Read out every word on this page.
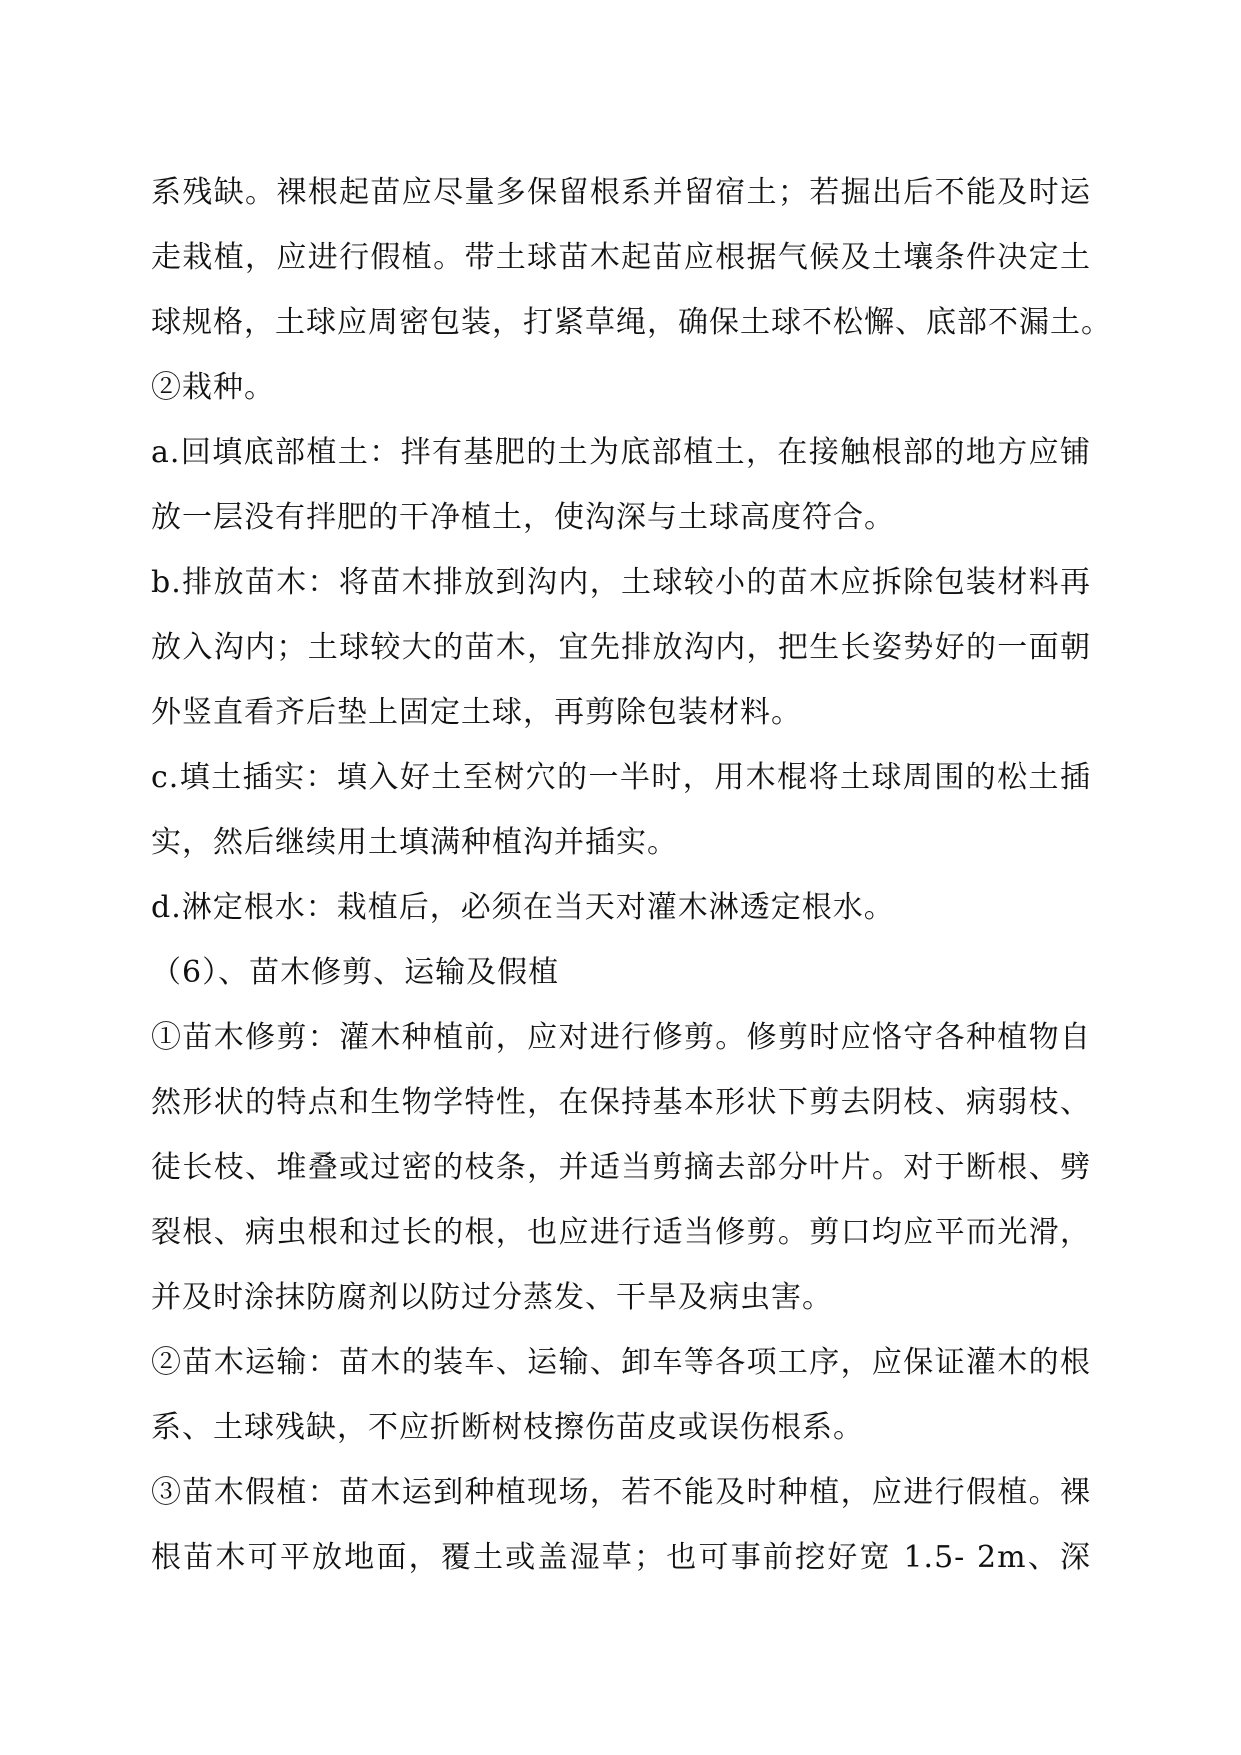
系残缺。裸根起苗应尽量多保留根系并留宿土；若掘出后不能及时运
走栽植，应进行假植。带土球苗木起苗应根据气候及土壤条件决定土
球规格，土球应周密包装，打紧草绳，确保土球不松懈、底部不漏土。
②栽种。
a.回填底部植土：拌有基肥的土为底部植土，在接触根部的地方应铺
放一层没有拌肥的干净植土，使沟深与土球高度符合。
b.排放苗木：将苗木排放到沟内，土球较小的苗木应拆除包装材料再
放入沟内；土球较大的苗木，宜先排放沟内，把生长姿势好的一面朝
外竖直看齐后垫上固定土球，再剪除包装材料。
c.填土插实：填入好土至树穴的一半时，用木棍将土球周围的松土插
实，然后继续用土填满种植沟并插实。
d.淋定根水：栽植后，必须在当天对灌木淋透定根水。
（6）、苗木修剪、运输及假植
①苗木修剪：灌木种植前，应对进行修剪。修剪时应恪守各种植物自
然形状的特点和生物学特性，在保持基本形状下剪去阴枝、病弱枝、
徒长枝、堆叠或过密的枝条，并适当剪摘去部分叶片。对于断根、劈
裂根、病虫根和过长的根，也应进行适当修剪。剪口均应平而光滑，
并及时涂抹防腐剂以防过分蒸发、干旱及病虫害。
②苗木运输：苗木的装车、运输、卸车等各项工序，应保证灌木的根
系、土球残缺，不应折断树枝擦伤苗皮或误伤根系。
③苗木假植：苗木运到种植现场，若不能及时种植，应进行假植。裸
根苗木可平放地面，覆土或盖湿草；也可事前挖好宽 1.5- 2m、深
